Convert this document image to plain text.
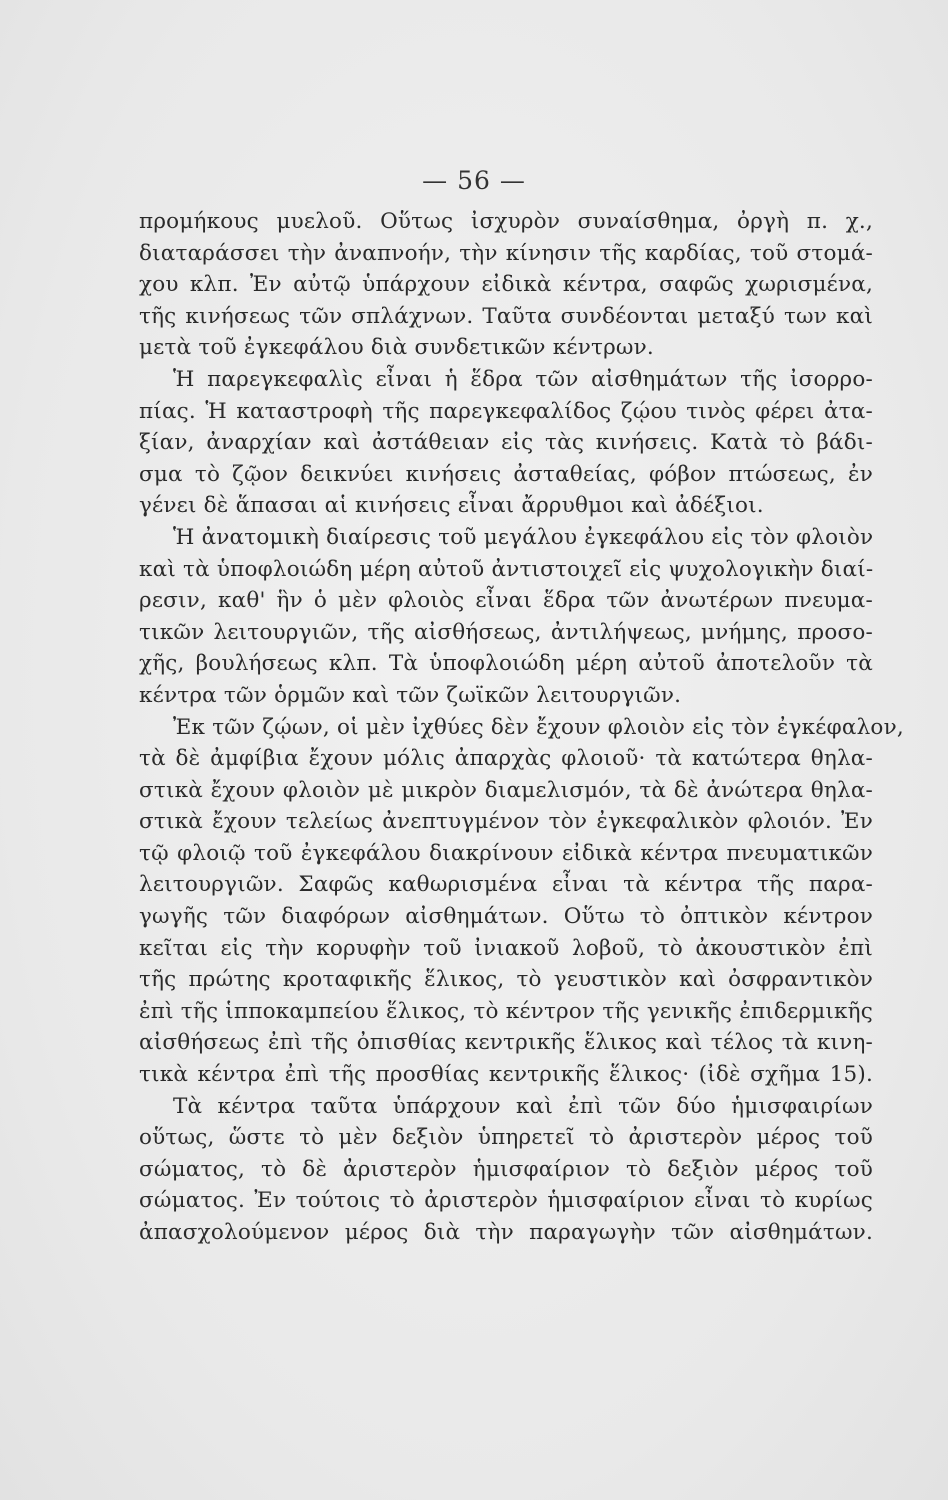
— 56 —
προμήκους μυελοῦ. Οὕτως ἰσχυρὸν συναίσθημα, ὀργὴ π. χ.,
διαταράσσει τὴν ἀναπνοήν, τὴν κίνησιν τῆς καρδίας, τοῦ στομά-
χου κλπ. Ἐν αὐτῷ ὑπάρχουν εἰδικὰ κέντρα, σαφῶς χωρισμένα,
τῆς κινήσεως τῶν σπλάχνων. Ταῦτα συνδέονται μεταξύ των καὶ
μετὰ τοῦ ἐγκεφάλου διὰ συνδετικῶν κέντρων.
Ἡ παρεγκεφαλὶς εἶναι ἡ ἕδρα τῶν αἰσθημάτων τῆς ἰσορρο-
πίας. Ἡ καταστροφὴ τῆς παρεγκεφαλίδος ζῴου τινὸς φέρει ἀτα-
ξίαν, ἀναρχίαν καὶ ἀστάθειαν εἰς τὰς κινήσεις. Κατὰ τὸ βάδι-
σμα τὸ ζῷον δεικνύει κινήσεις ἀσταθείας, φόβον πτώσεως, ἐν
γένει δὲ ἅπασαι αἱ κινήσεις εἶναι ἄρρυθμοι καὶ ἀδέξιοι.
Ἡ ἀνατομικὴ διαίρεσις τοῦ μεγάλου ἐγκεφάλου εἰς τὸν φλοιὸν
καὶ τὰ ὑποφλοιώδη μέρη αὐτοῦ ἀντιστοιχεῖ εἰς ψυχολογικὴν διαί-
ρεσιν, καθ' ἣν ὁ μὲν φλοιὸς εἶναι ἕδρα τῶν ἀνωτέρων πνευμα-
τικῶν λειτουργιῶν, τῆς αἰσθήσεως, ἀντιλήψεως, μνήμης, προσο-
χῆς, βουλήσεως κλπ. Τὰ ὑποφλοιώδη μέρη αὐτοῦ ἀποτελοῦν τὰ
κέντρα τῶν ὁρμῶν καὶ τῶν ζωϊκῶν λειτουργιῶν.
Ἐκ τῶν ζῴων, οἱ μὲν ἰχθύες δὲν ἔχουν φλοιὸν εἰς τὸν ἐγκέφαλον,
τὰ δὲ ἀμφίβια ἔχουν μόλις ἀπαρχὰς φλοιοῦ· τὰ κατώτερα θηλα-
στικὰ ἔχουν φλοιὸν μὲ μικρὸν διαμελισμόν, τὰ δὲ ἀνώτερα θηλα-
στικὰ ἔχουν τελείως ἀνεπτυγμένον τὸν ἐγκεφαλικὸν φλοιόν. Ἐν
τῷ φλοιῷ τοῦ ἐγκεφάλου διακρίνουν εἰδικὰ κέντρα πνευματικῶν
λειτουργιῶν. Σαφῶς καθωρισμένα εἶναι τὰ κέντρα τῆς παρα-
γωγῆς τῶν διαφόρων αἰσθημάτων. Οὕτω τὸ ὀπτικὸν κέντρον
κεῖται εἰς τὴν κορυφὴν τοῦ ἰνιακοῦ λοβοῦ, τὸ ἀκουστικὸν ἐπὶ
τῆς πρώτης κροταφικῆς ἕλικος, τὸ γευστικὸν καὶ ὀσφραντικὸν
ἐπὶ τῆς ἱπποκαμπείου ἕλικος, τὸ κέντρον τῆς γενικῆς ἐπιδερμικῆς
αἰσθήσεως ἐπὶ τῆς ὀπισθίας κεντρικῆς ἕλικος καὶ τέλος τὰ κινη-
τικὰ κέντρα ἐπὶ τῆς προσθίας κεντρικῆς ἕλικος· (ἰδὲ σχῆμα 15).
Τὰ κέντρα ταῦτα ὑπάρχουν καὶ ἐπὶ τῶν δύο ἡμισφαιρίων
οὕτως, ὥστε τὸ μὲν δεξιὸν ὑπηρετεῖ τὸ ἀριστερὸν μέρος τοῦ
σώματος, τὸ δὲ ἀριστερὸν ἡμισφαίριον τὸ δεξιὸν μέρος τοῦ
σώματος. Ἐν τούτοις τὸ ἀριστερὸν ἡμισφαίριον εἶναι τὸ κυρίως
ἀπασχολούμενον μέρος διὰ τὴν παραγωγὴν τῶν αἰσθημάτων.
